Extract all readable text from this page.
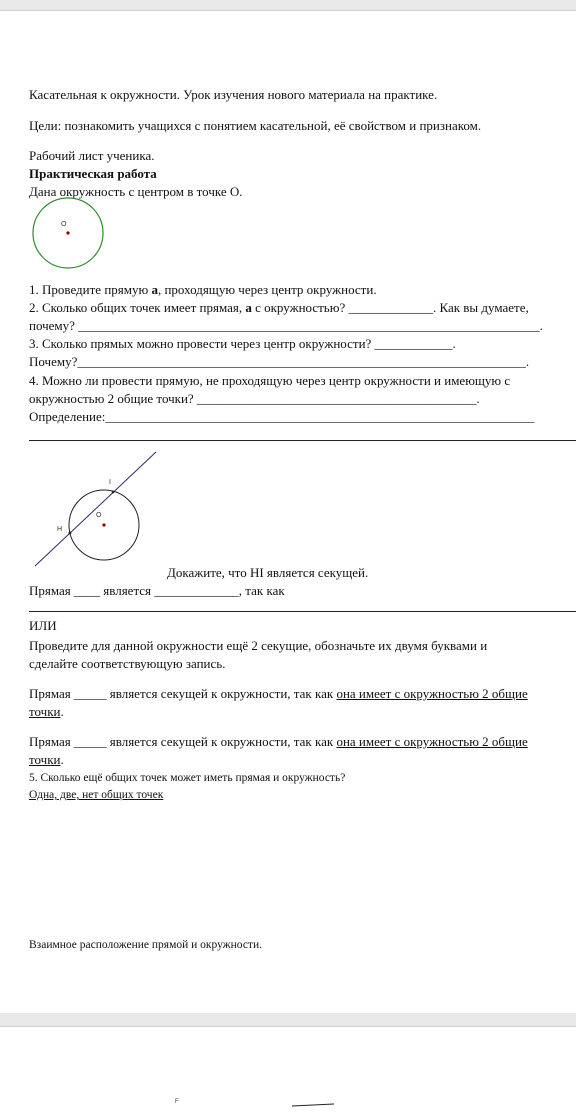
Касательная к окружности. Урок изучения нового материала на практике.
Цели: познакомить учащихся с понятием касательной, её свойством и признаком.
Рабочий лист ученика.
Практическая работа
Дана окружность с центром в точке О.
О
1. Проведите прямую а, проходящую через центр окружности.
2. Сколько общих точек имеет прямая, а с окружностью? _____________. Как вы думаете,
почему? _______________________________________________________________________.
3. Сколько прямых можно провести через центр окружности? ____________.
Почему?_____________________________________________________________________.
4. Можно ли провести прямую, не проходящую через центр окружности и имеющую с
окружностью 2 общие точки? ___________________________________________.
Определение:__________________________________________________________________
I
H
O
Докажите, что HI является секущей.
Прямая ____ является _____________, так как
ИЛИ
Проведите для данной окружности ещё 2 секущие, обозначьте их двумя буквами и
сделайте соответствующую запись.
Прямая _____ является секущей к окружности, так как она имеет с окружностью 2 общие
точки.
Прямая _____ является секущей к окружности, так как она имеет с окружностью 2 общие
точки.
5. Сколько ещё общих точек может иметь прямая и окружность?
Одна, две, нет общих точек
Взаимное расположение прямой и окружности.
F
